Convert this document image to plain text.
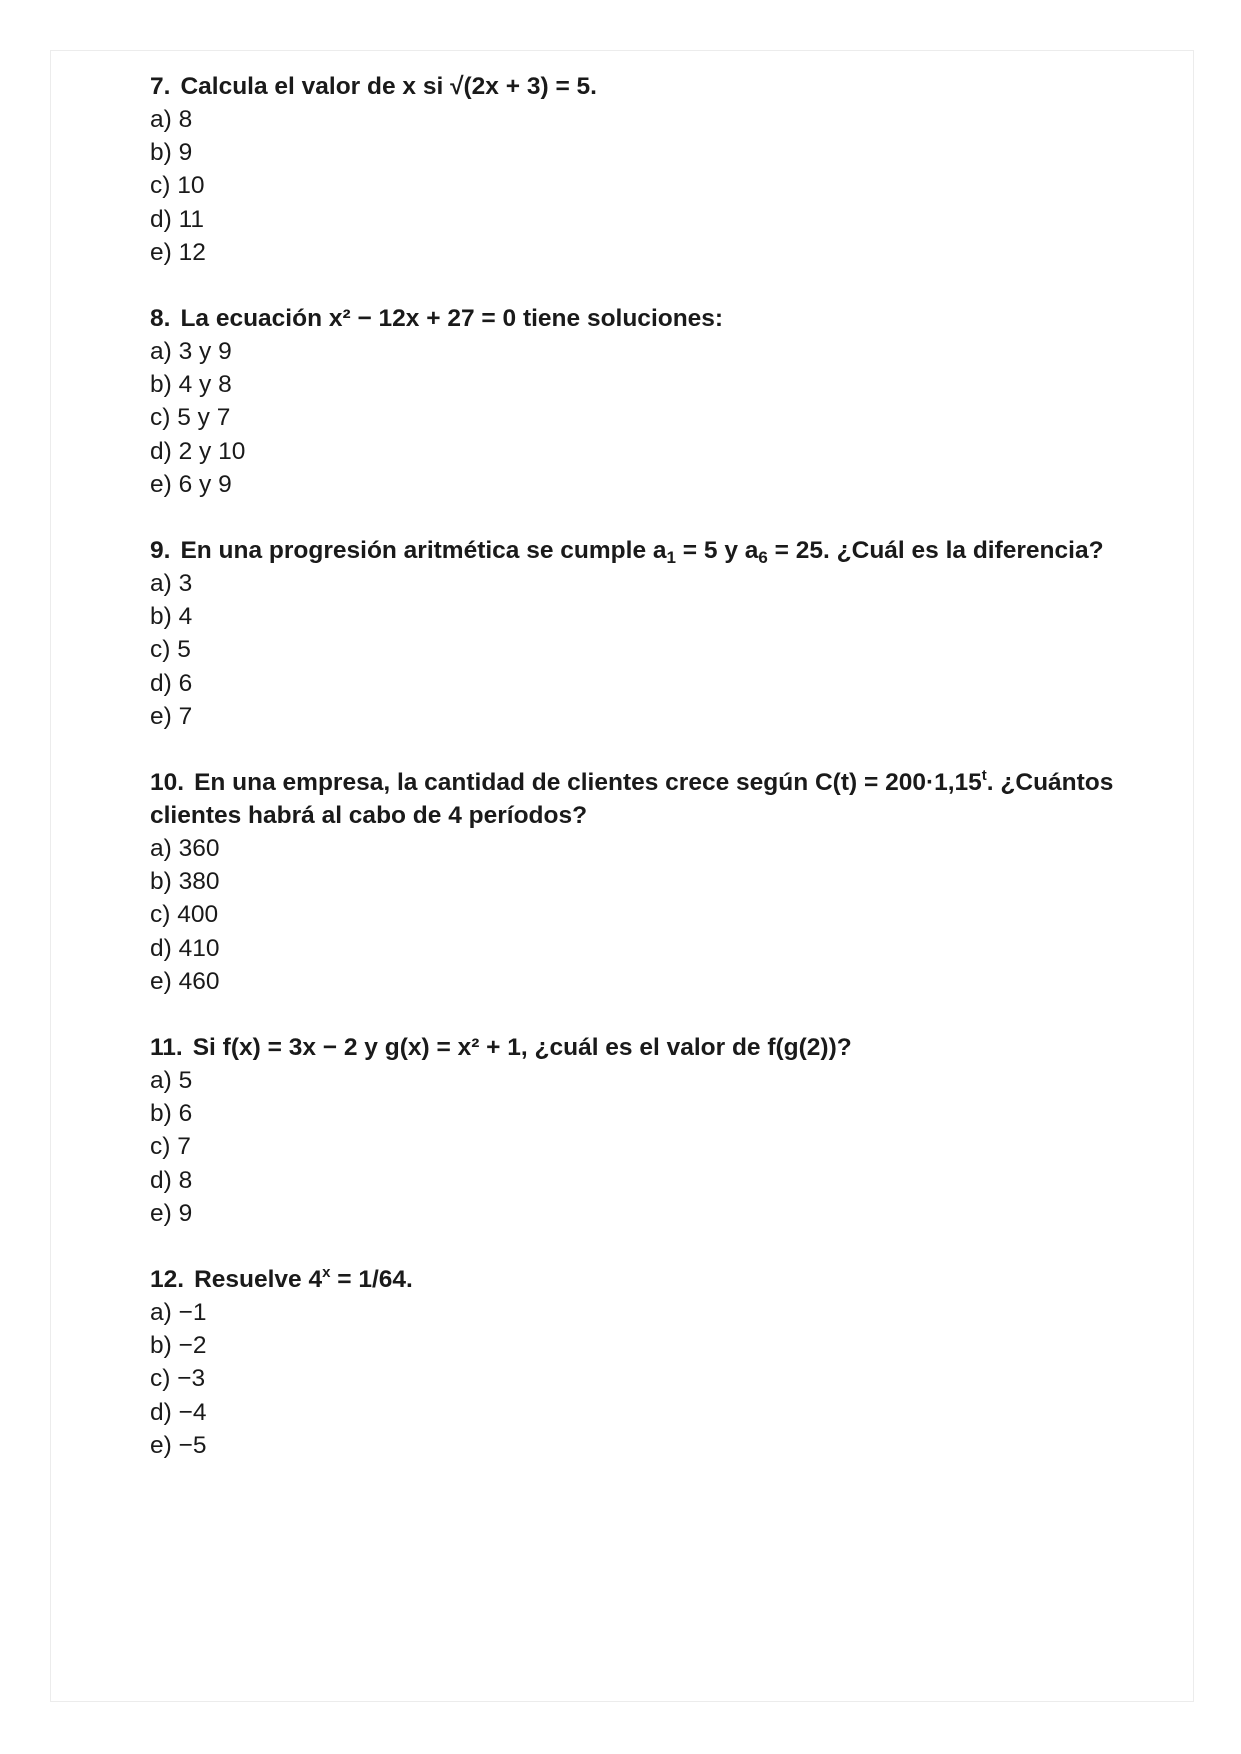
7. Calcula el valor de x si √(2x + 3) = 5.

a) 8

b) 9

c) 10

d) 11

e) 12

8. La ecuación x² − 12x + 27 = 0 tiene soluciones:

a) 3 y 9

b) 4 y 8

c) 5 y 7

d) 2 y 10

e) 6 y 9

9. En una progresión aritmética se cumple $a_1 = 5$ y $a_6 = 25$. ¿Cuál es la diferencia?

a) 3

b) 4

c) 5

d) 6

e) 7

10. En una empresa, la cantidad de clientes crece según $C(t) = 200\cdot 1,15^t$. ¿Cuántos clientes habrá al cabo de 4 períodos?

a) 360

b) 380

c) 400

d) 410

e) 460

11. Si f(x) = 3x − 2 y g(x) = x² + 1, ¿cuál es el valor de f(g(2))?

a) 5

b) 6

c) 7

d) 8

e) 9

12. Resuelve $4^x = 1/64$.

a) −1

b) −2

c) −3

d) −4

e) −5
